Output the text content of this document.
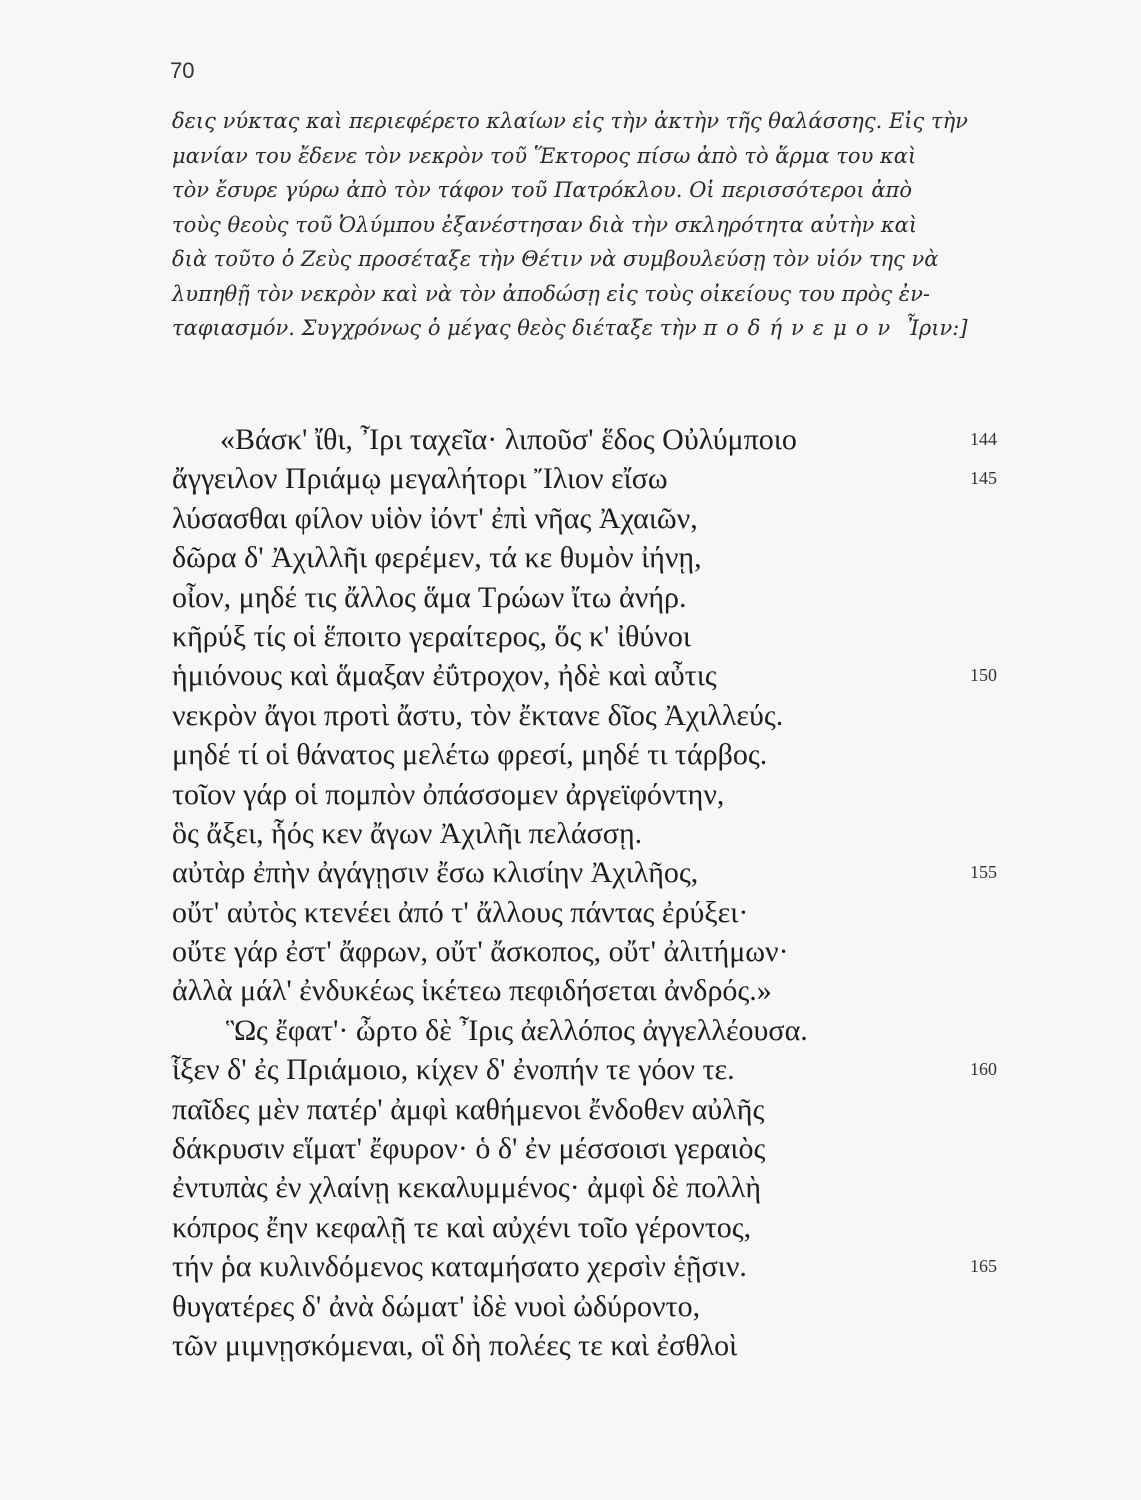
70
δεις νύκτας καὶ περιεφέρετο κλαίων εἰς τὴν ἀκτὴν τῆς θαλάσσης. Εἰς τὴν
μανίαν του ἔδενε τὸν νεκρὸν τοῦ Ἕκτορος πίσω ἀπὸ τὸ ἅρμα του καὶ
τὸν ἔσυρε γύρω ἀπὸ τὸν τάφον τοῦ Πατρόκλου. Οἱ περισσότεροι ἀπὸ
τοὺς θεοὺς τοῦ Ὀλύμπου ἐξανέστησαν διὰ τὴν σκληρότητα αὐτὴν καὶ
διὰ τοῦτο ὁ Ζεὺς προσέταξε τὴν Θέτιν νὰ συμβουλεύσῃ τὸν υἱόν της νὰ
λυπηθῇ τὸν νεκρὸν καὶ νὰ τὸν ἀποδώσῃ εἰς τοὺς οἰκείους του πρὸς ἐν-
ταφιασμόν. Συγχρόνως ὁ μέγας θεὸς διέταξε τὴν ποδήνεμον Ἶριν:]
«Βάσκ' ἴθι, Ἶρι ταχεῖα· λιποῦσ' ἕδος Οὐλύμποιο	144
ἄγγειλον Πριάμῳ μεγαλήτορι Ἴλιον εἴσω	145
λύσασθαι φίλον υἱὸν ἰόντ' ἐπὶ νῆας Ἀχαιῶν,
δῶρα δ' Ἀχιλλῆι φερέμεν, τά κε θυμὸν ἰήνῃ,
οἶον, μηδέ τις ἄλλος ἅμα Τρώων ἴτω ἀνήρ.
κῆρύξ τίς οἱ ἕποιτο γεραίτερος, ὅς κ' ἰθύνοι
ἡμιόνους καὶ ἅμαξαν ἐΰτροχον, ἠδὲ καὶ αὖτις	150
νεκρὸν ἄγοι προτὶ ἄστυ, τὸν ἔκτανε δῖος Ἀχιλλεύς.
μηδέ τί οἱ θάνατος μελέτω φρεσί, μηδέ τι τάρβος.
τοῖον γάρ οἱ πομπὸν ὀπάσσομεν ἀργεϊφόντην,
ὃς ἄξει, ἧός κεν ἄγων Ἀχιλῆι πελάσσῃ.
αὐτὰρ ἐπὴν ἀγάγῃσιν ἔσω κλισίην Ἀχιλῆος,	155
οὔτ' αὐτὸς κτενέει ἀπό τ' ἄλλους πάντας ἐρύξει·
οὔτε γάρ ἐστ' ἄφρων, οὔτ' ἄσκοπος, οὔτ' ἀλιτήμων·
ἀλλὰ μάλ' ἐνδυκέως ἱκέτεω πεφιδήσεται ἀνδρός.»
Ὣς ἔφατ'· ὦρτο δὲ Ἶρις ἀελλόπος ἀγγελλέουσα.
ἷξεν δ' ἐς Πριάμοιο, κίχεν δ' ἐνοπήν τε γόον τε.	160
παῖδες μὲν πατέρ' ἀμφὶ καθήμενοι ἔνδοθεν αὐλῆς
δάκρυσιν εἵματ' ἔφυρον· ὁ δ' ἐν μέσσοισι γεραιὸς
ἐντυπὰς ἐν χλαίνῃ κεκαλυμμένος· ἀμφὶ δὲ πολλὴ
κόπρος ἔην κεφαλῇ τε καὶ αὐχένι τοῖο γέροντος,
τήν ῥα κυλινδόμενος καταμήσατο χερσὶν ἑῇσιν.	165
θυγατέρες δ' ἀνὰ δώματ' ἰδὲ νυοὶ ὠδύροντο,
τῶν μιμνῃσκόμεναι, οἳ δὴ πολέες τε καὶ ἐσθλοὶ
